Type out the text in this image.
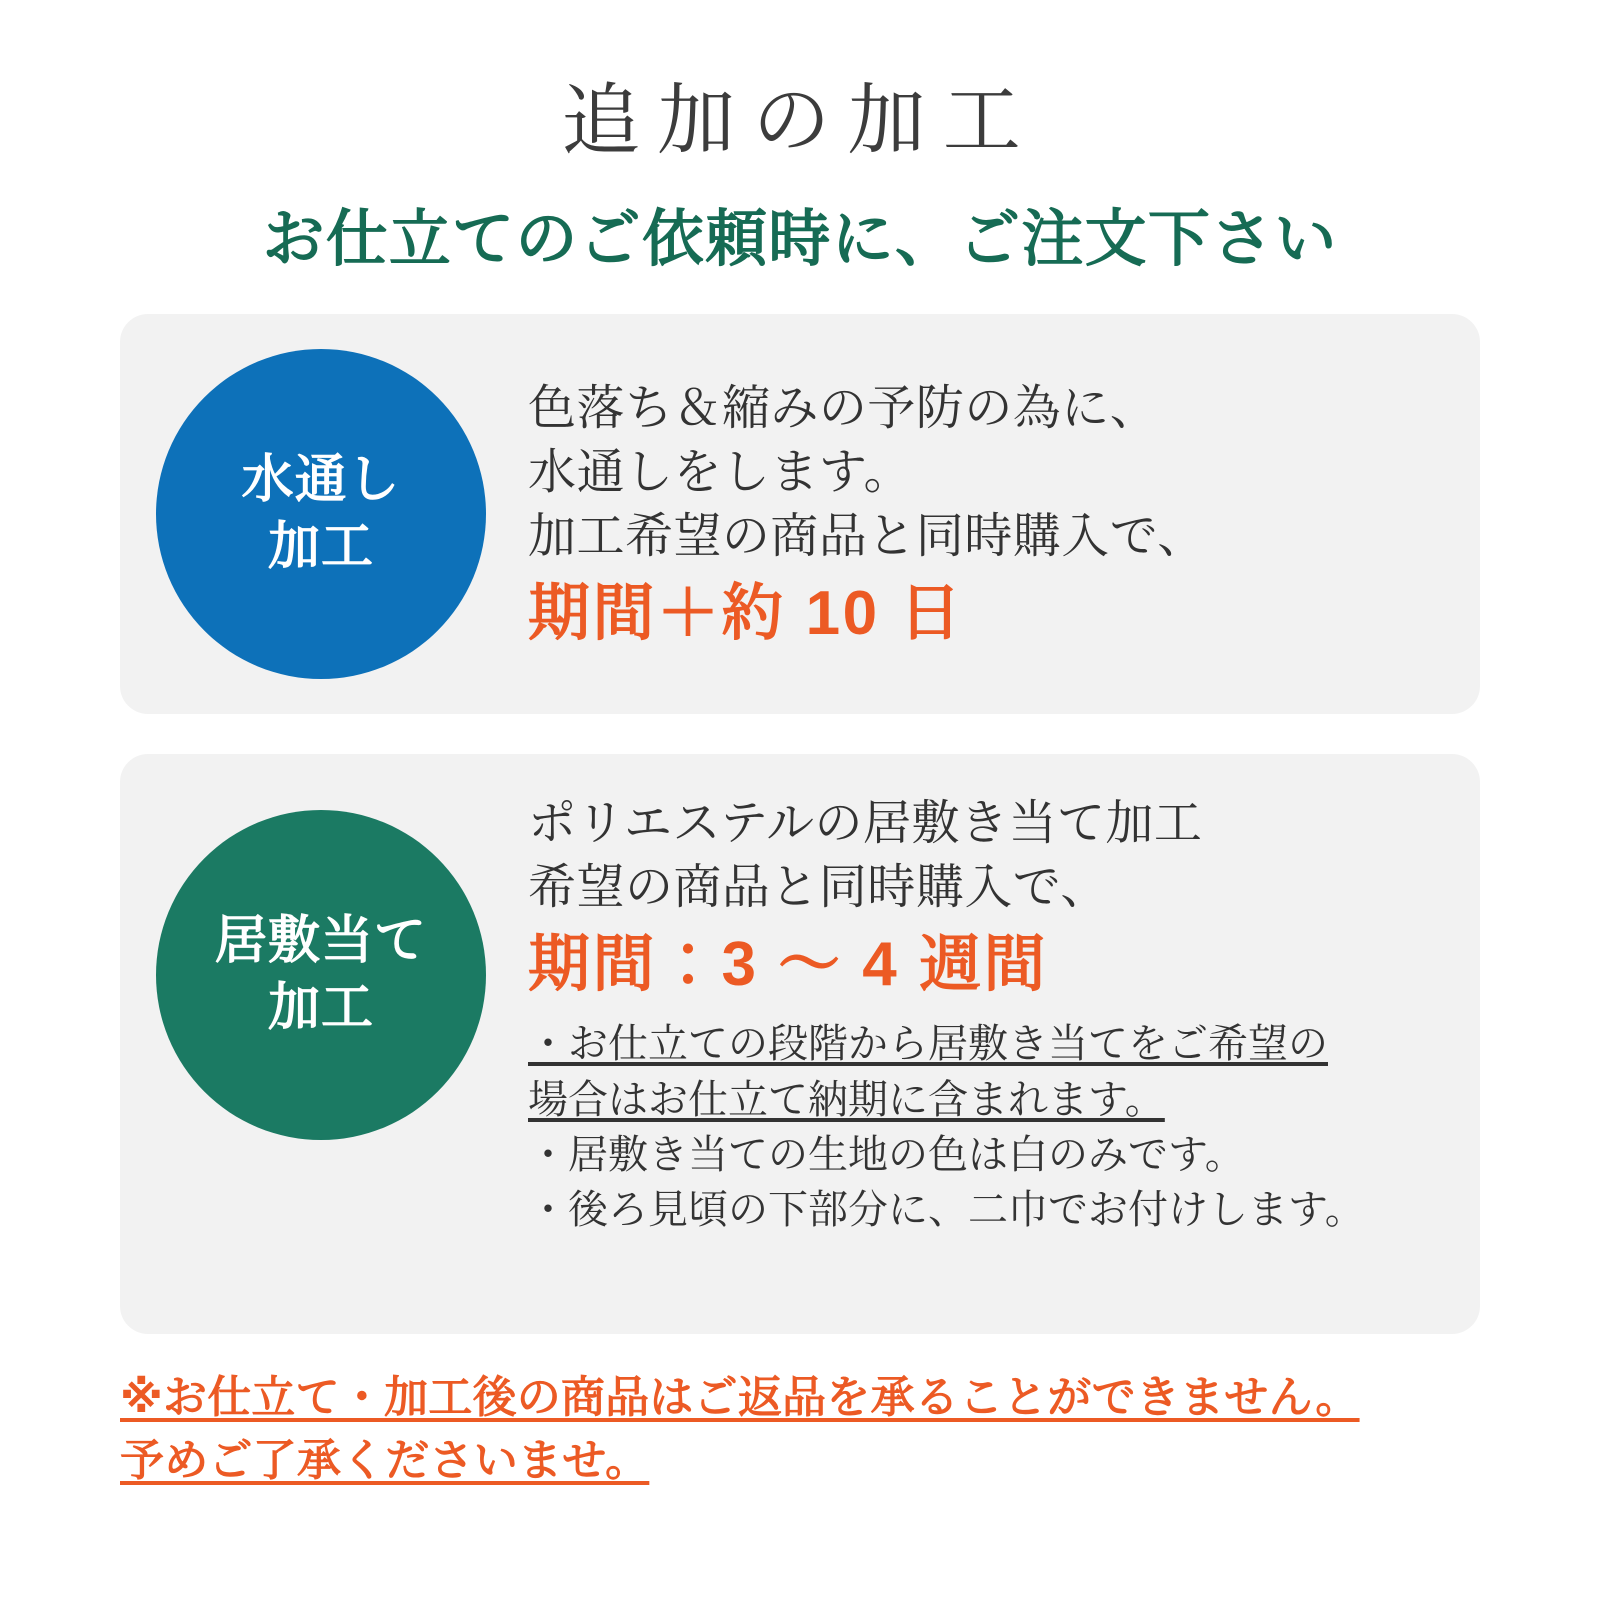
追加の加工
お仕立てのご依頼時に、ご注文下さい
水通し
加工
色落ち＆縮みの予防の為に、
水通しをします。
加工希望の商品と同時購入で、
期間＋約 10 日
居敷当て
加工
ポリエステルの居敷き当て加工
希望の商品と同時購入で、
期間：3 〜 4 週間
・お仕立ての段階から居敷き当てをご希望の
場合はお仕立て納期に含まれます。
・居敷き当ての生地の色は白のみです。
・後ろ見頃の下部分に、二巾でお付けします。
※お仕立て・加工後の商品はご返品を承ることができません。 予めご了承くださいませ。
